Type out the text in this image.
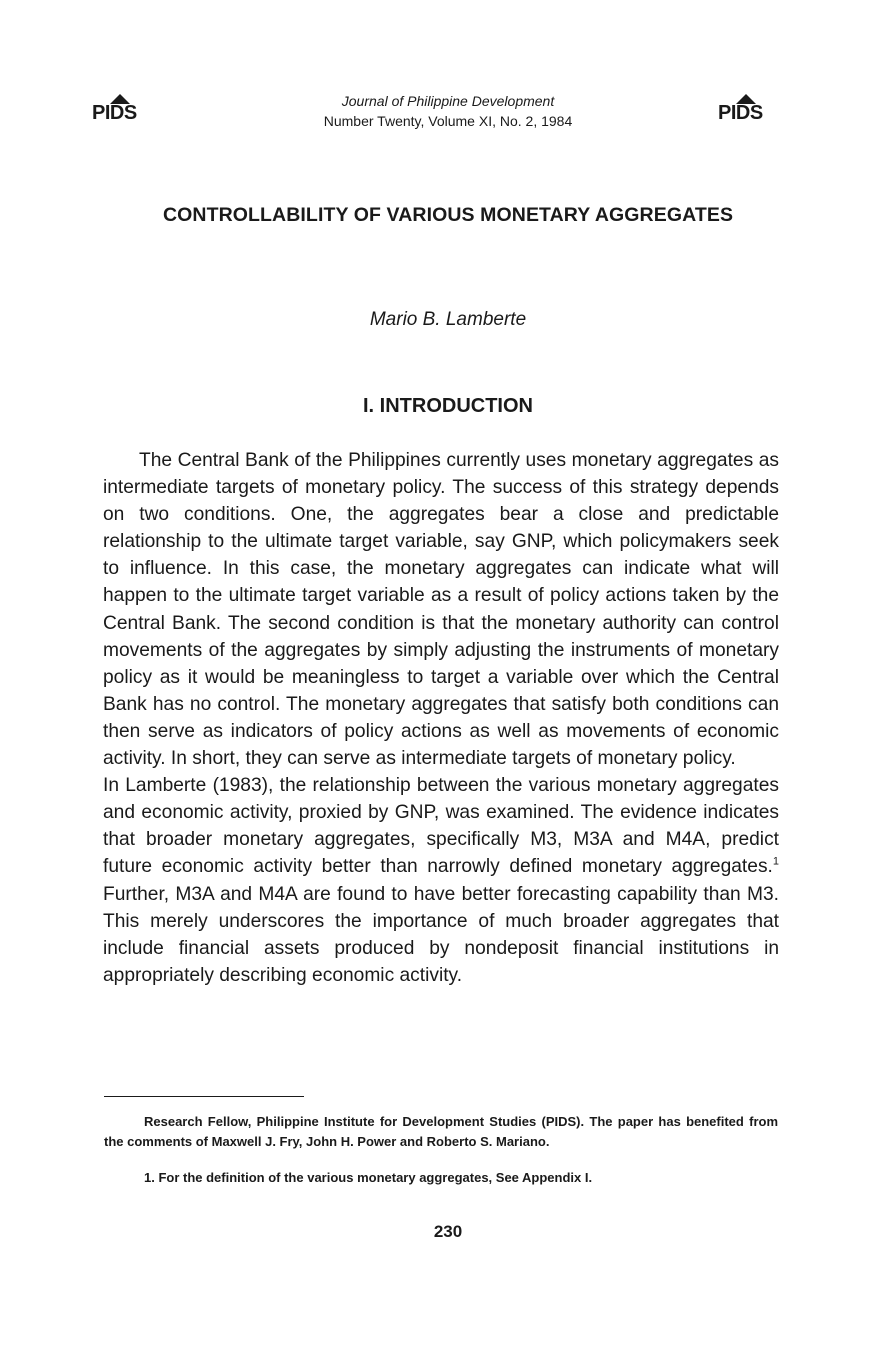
PIDS
Journal of Philippine Development
Number Twenty, Volume XI, No. 2, 1984	PIDS
CONTROLLABILITY OF VARIOUS MONETARY AGGREGATES
Mario B. Lamberte
I. INTRODUCTION

The Central Bank of the Philippines currently uses monetary aggregates as intermediate targets of monetary policy. The success of this strategy depends on two conditions. One, the aggregates bear a close and predictable relationship to the ultimate target variable, say GNP, which policymakers seek to influence. In this case, the monetary aggregates can indicate what will happen to the ultimate target variable as a result of policy actions taken by the Central Bank. The second condition is that the monetary authority can control movements of the aggregates by simply adjusting the instruments of monetary policy as it would be meaningless to target a variable over which the Central Bank has no control. The monetary aggregates that satisfy both conditions can then serve as indicators of policy actions as well as movements of economic activity. In short, they can serve as intermediate targets of monetary policy.

In Lamberte (1983), the relationship between the various monetary aggregates and economic activity, proxied by GNP, was examined. The evidence indicates that broader monetary aggregates, specifically M3, M3A and M4A, predict future economic activity better than narrowly defined monetary aggregates.$^1$ Further, M3A and M4A are found to have better forecasting capability than M3. This merely underscores the importance of much broader aggregates that include financial assets produced by nondeposit financial institutions in appropriately describing economic activity.

Research Fellow, Philippine Institute for Development Studies (PIDS). The paper has benefited from the comments of Maxwell J. Fry, John H. Power and Roberto S. Mariano.

1. For the definition of the various monetary aggregates, See Appendix I.

230
